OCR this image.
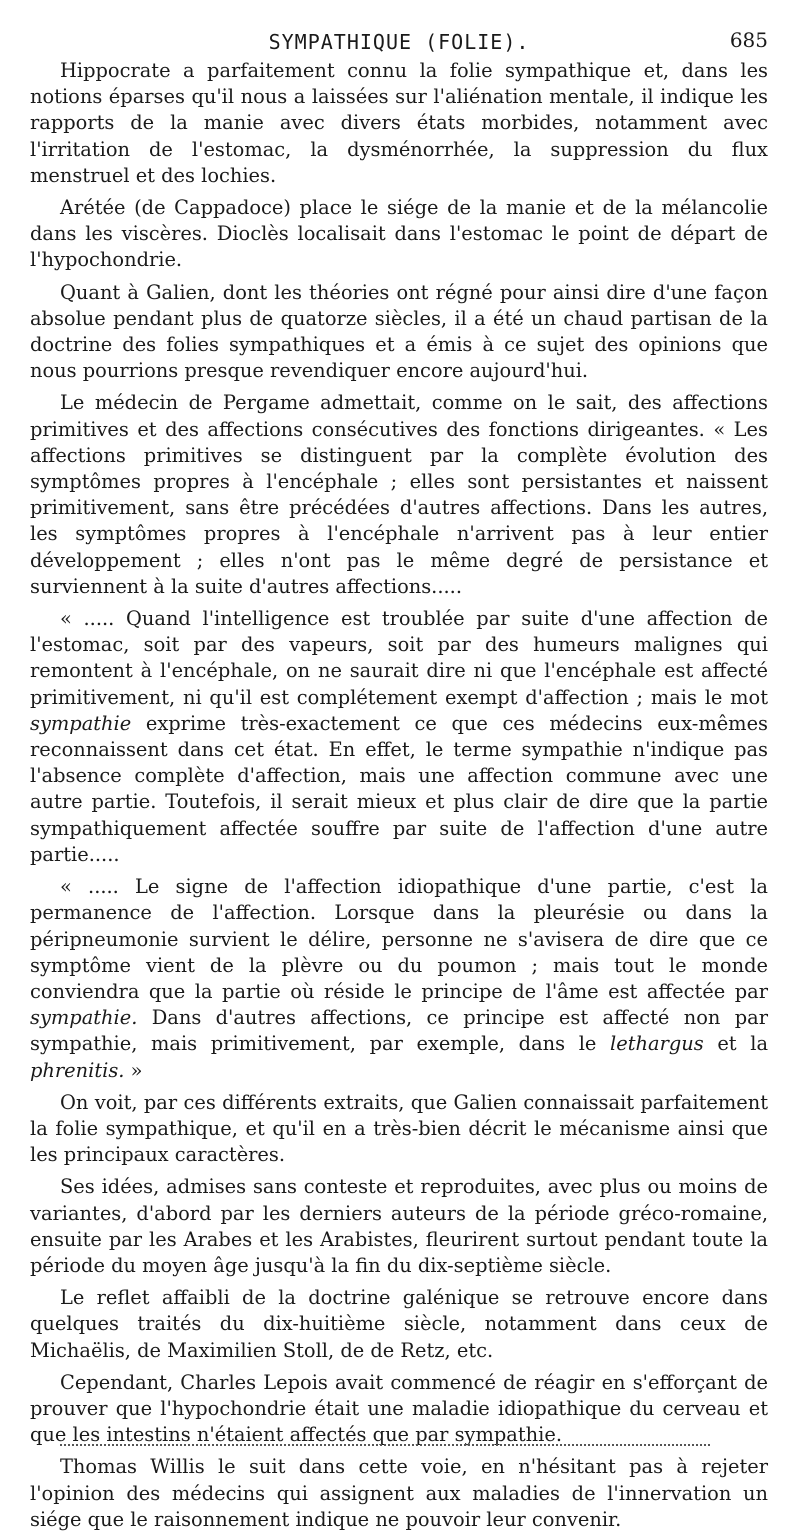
SYMPATHIQUE (FOLIE).	685

Hippocrate a parfaitement connu la folie sympathique et, dans les notions éparses qu'il nous a laissées sur l'aliénation mentale, il indique les rapports de la manie avec divers états morbides, notamment avec l'irritation de l'estomac, la dysménorrhée, la suppression du flux menstruel et des lochies.

Arétée (de Cappadoce) place le siége de la manie et de la mélancolie dans les viscères. Dioclès localisait dans l'estomac le point de départ de l'hypochondrie.

Quant à Galien, dont les théories ont régné pour ainsi dire d'une façon absolue pendant plus de quatorze siècles, il a été un chaud partisan de la doctrine des folies sympathiques et a émis à ce sujet des opinions que nous pourrions presque revendiquer encore aujourd'hui.

Le médecin de Pergame admettait, comme on le sait, des affections primitives et des affections consécutives des fonctions dirigeantes. « Les affections primitives se distinguent par la complète évolution des symptômes propres à l'encéphale ; elles sont persistantes et naissent primitivement, sans être précédées d'autres affections. Dans les autres, les symptômes propres à l'encéphale n'arrivent pas à leur entier développement ; elles n'ont pas le même degré de persistance et surviennent à la suite d'autres affections.....

« ..... Quand l'intelligence est troublée par suite d'une affection de l'estomac, soit par des vapeurs, soit par des humeurs malignes qui remontent à l'encéphale, on ne saurait dire ni que l'encéphale est affecté primitivement, ni qu'il est complétement exempt d'affection ; mais le mot sympathie exprime très-exactement ce que ces médecins eux-mêmes reconnaissent dans cet état. En effet, le terme sympathie n'indique pas l'absence complète d'affection, mais une affection commune avec une autre partie. Toutefois, il serait mieux et plus clair de dire que la partie sympathiquement affectée souffre par suite de l'affection d'une autre partie.....

« ..... Le signe de l'affection idiopathique d'une partie, c'est la permanence de l'affection. Lorsque dans la pleurésie ou dans la péripneumonie survient le délire, personne ne s'avisera de dire que ce symptôme vient de la plèvre ou du poumon ; mais tout le monde conviendra que la partie où réside le principe de l'âme est affectée par sympathie. Dans d'autres affections, ce principe est affecté non par sympathie, mais primitivement, par exemple, dans le lethargus et la phrenitis. »

On voit, par ces différents extraits, que Galien connaissait parfaitement la folie sympathique, et qu'il en a très-bien décrit le mécanisme ainsi que les principaux caractères.

Ses idées, admises sans conteste et reproduites, avec plus ou moins de variantes, d'abord par les derniers auteurs de la période gréco-romaine, ensuite par les Arabes et les Arabistes, fleurirent surtout pendant toute la période du moyen âge jusqu'à la fin du dix-septième siècle.

Le reflet affaibli de la doctrine galénique se retrouve encore dans quelques traités du dix-huitième siècle, notamment dans ceux de Michaëlis, de Maximilien Stoll, de de Retz, etc.

Cependant, Charles Lepois avait commencé de réagir en s'efforçant de prouver que l'hypochondrie était une maladie idiopathique du cerveau et que les intestins n'étaient affectés que par sympathie.

Thomas Willis le suit dans cette voie, en n'hésitant pas à rejeter l'opinion des médecins qui assignent aux maladies de l'innervation un siége que le raisonnement indique ne pouvoir leur convenir.
